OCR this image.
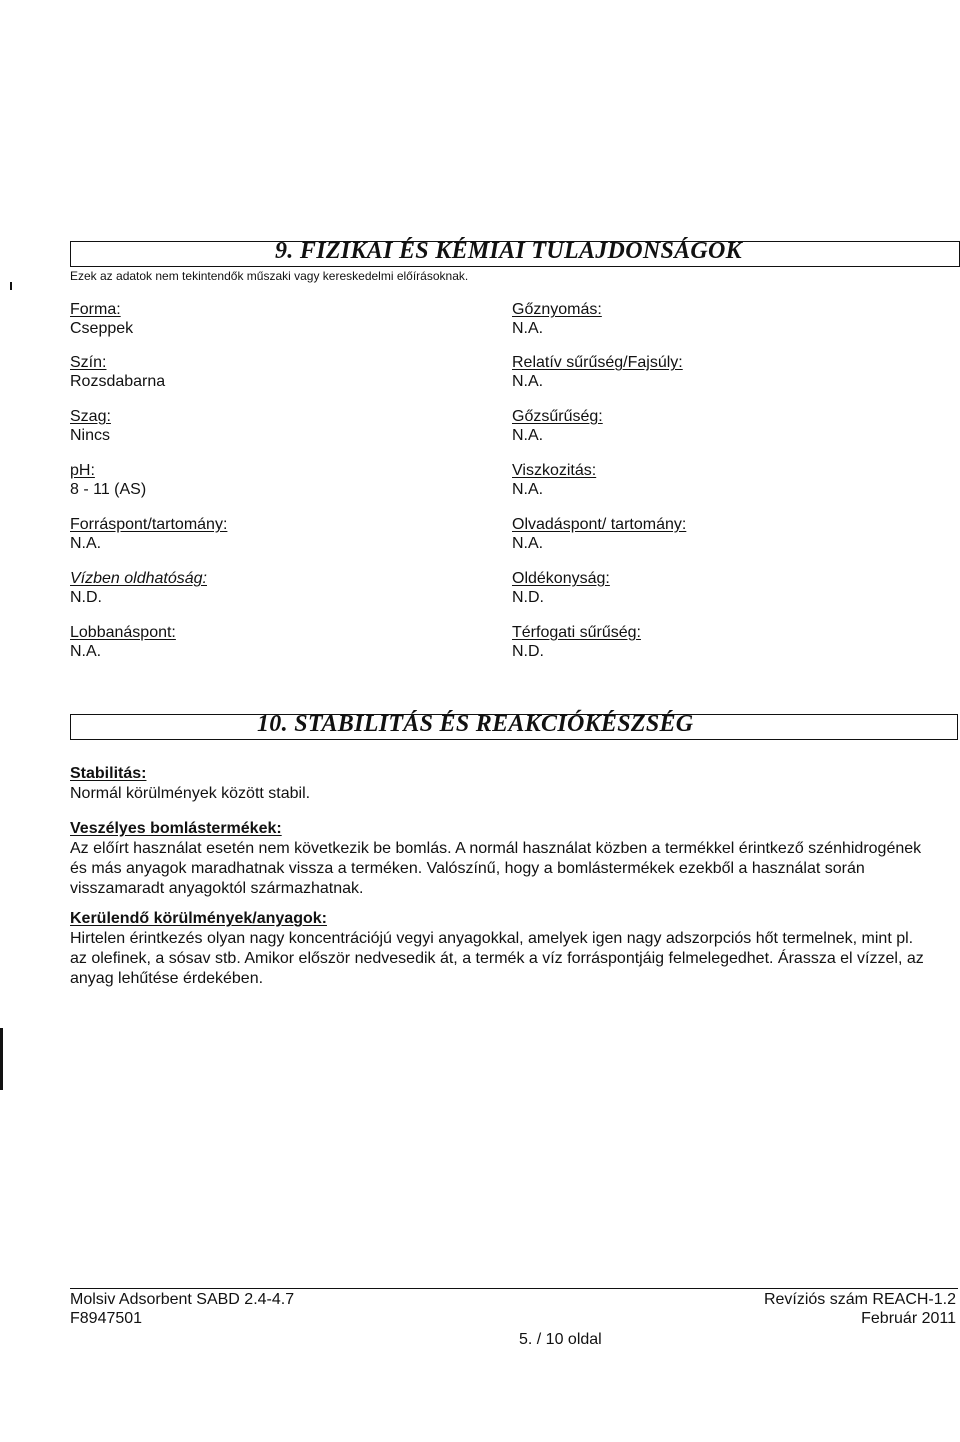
9. FIZIKAI ÉS KÉMIAI TULAJDONSÁGOK
Ezek az adatok nem tekintendők műszaki vagy kereskedelmi előírásoknak.
Forma:
Cseppek
Szín:
Rozsdabarna
Szag:
Nincs
pH:
8 - 11 (AS)
Forráspont/tartomány:
N.A.
Vízben oldhatóság:
N.D.
Lobbanáspont:
N.A.
Gőznyomás:
N.A.
Relatív sűrűség/Fajsúly:
N.A.
Gőzsűrűség:
N.A.
Viszkozitás:
N.A.
Olvadáspont/ tartomány:
N.A.
Oldékonyság:
N.D.
Térfogati sűrűség:
N.D.
10. STABILITÁS ÉS REAKCIÓKÉSZSÉG
Stabilitás:
Normál körülmények között stabil.
Veszélyes bomlástermékek:
Az előírt használat esetén nem következik be bomlás. A normál használat közben a termékkel érintkező szénhidrogének
és más anyagok maradhatnak vissza a terméken. Valószínű, hogy a bomlástermékek ezekből a használat során
visszamaradt anyagoktól származhatnak.
Kerülendő körülmények/anyagok:
Hirtelen érintkezés olyan nagy koncentrációjú vegyi anyagokkal, amelyek igen nagy adszorpciós hőt termelnek, mint pl.
az olefinek, a sósav stb. Amikor először nedvesedik át, a termék a víz forráspontjáig felmelegedhet. Árassza el vízzel, az
anyag lehűtése érdekében.
Molsiv Adsorbent SABD 2.4-4.7
F8947501
Revíziós szám REACH-1.2
Február 2011
5. / 10 oldal
